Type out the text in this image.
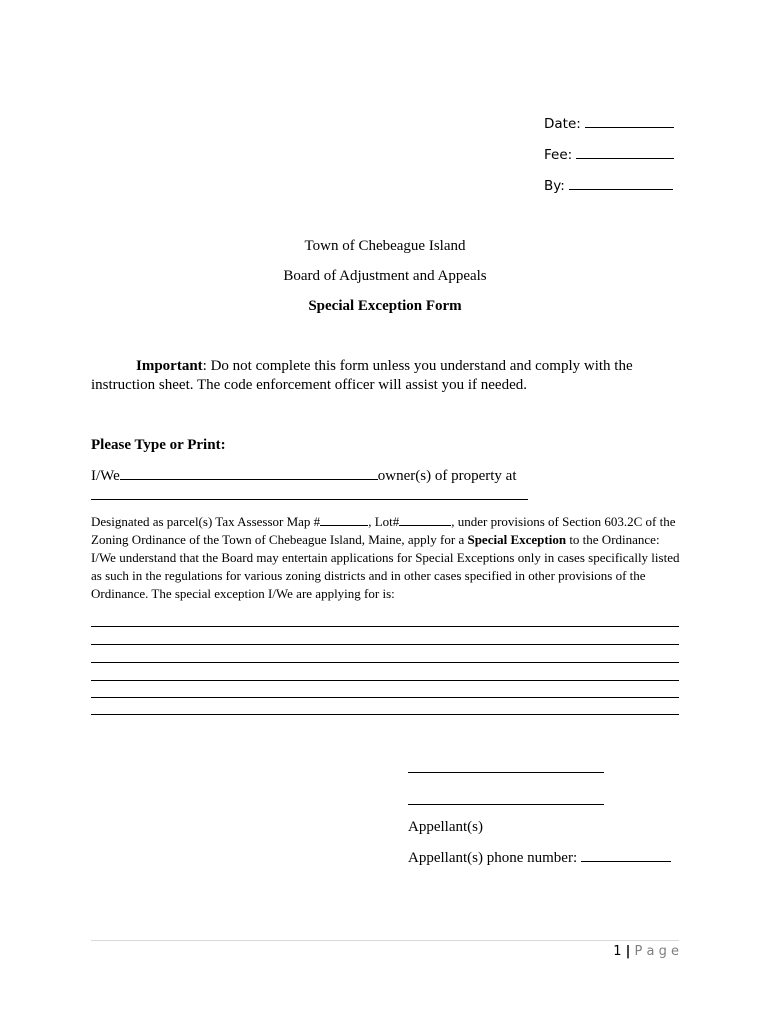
Date:
Fee:
By:
Town of Chebeague Island
Board of Adjustment and Appeals
Special Exception Form
Important: Do not complete this form unless you understand and comply with the instruction sheet. The code enforcement officer will assist you if needed.
Please Type or Print:
I/We	owner(s) of property at
Designated as parcel(s) Tax Assessor Map #	, Lot#	, under provisions of Section 603.2C of the Zoning Ordinance of the Town of Chebeague Island, Maine, apply for a Special Exception to the Ordinance: I/We understand that the Board may entertain applications for Special Exceptions only in cases specifically listed as such in the regulations for various zoning districts and in other cases specified in other provisions of the Ordinance. The special exception I/We are applying for is:
Appellant(s)
Appellant(s) phone number:
1 | P a g e
